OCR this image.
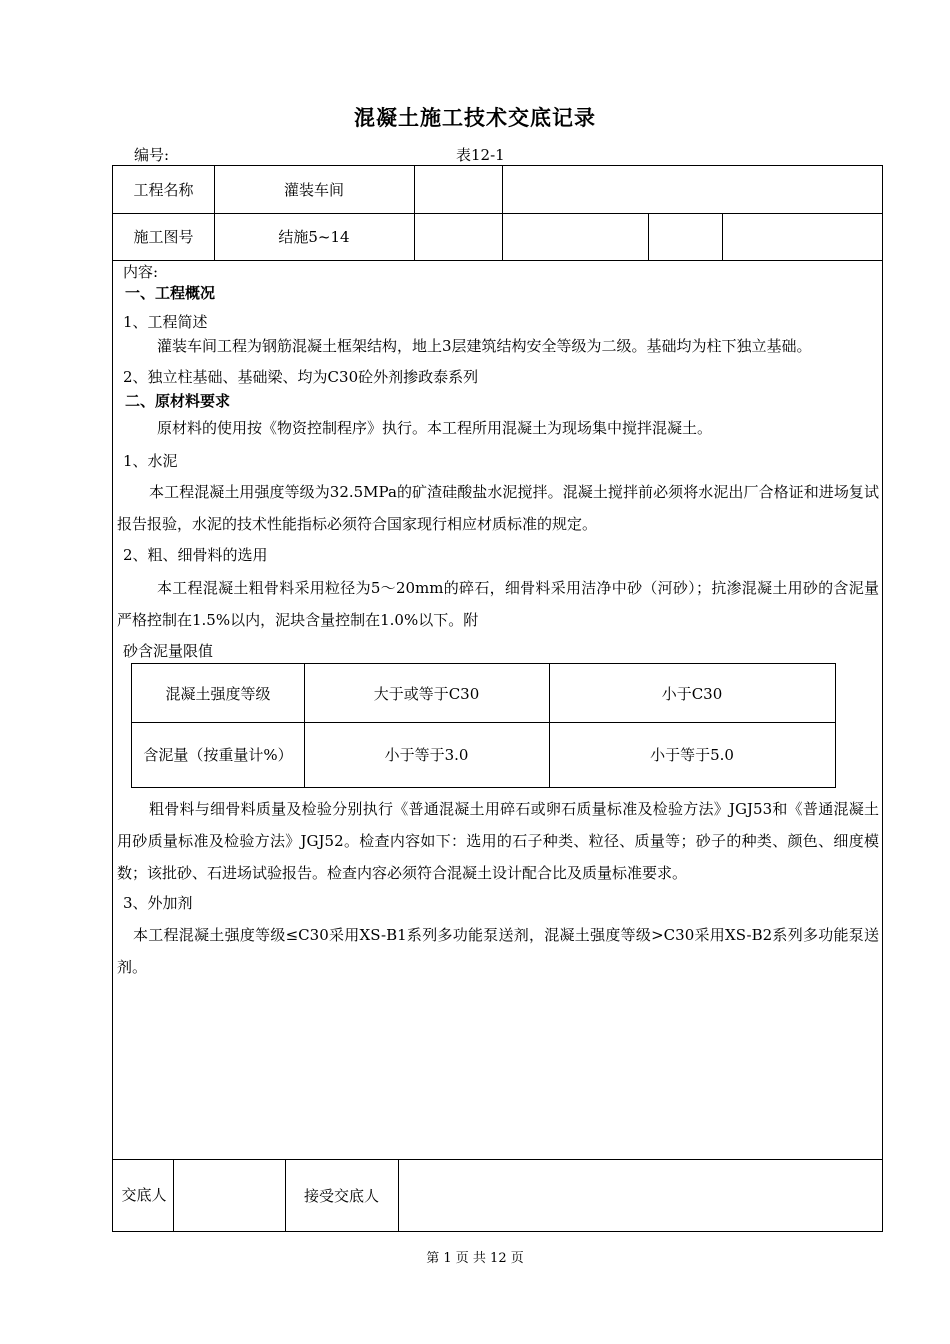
混凝土施工技术交底记录
编号:	表12-1
工程名称	灌装车间
施工图号	结施5~14
内容:
一、工程概况
1、工程简述
灌装车间工程为钢筋混凝土框架结构，地上3层建筑结构安全等级为二级。基础均为柱下独立基础。
2、独立柱基础、基础梁、均为C30砼外剂掺政泰系列
二、原材料要求
原材料的使用按《物资控制程序》执行。本工程所用混凝土为现场集中搅拌混凝土。
1、水泥
本工程混凝土用强度等级为32.5MPa的矿渣硅酸盐水泥搅拌。混凝土搅拌前必须将水泥出厂合格证和进场复试报告报验，水泥的技术性能指标必须符合国家现行相应材质标准的规定。
2、粗、细骨料的选用
本工程混凝土粗骨料采用粒径为5～20mm的碎石，细骨料采用洁净中砂（河砂）；抗渗混凝土用砂的含泥量严格控制在1.5%以内，泥块含量控制在1.0%以下。附
砂含泥量限值
混凝土强度等级	大于或等于C30	小于C30
含泥量（按重量计%）	小于等于3.0	小于等于5.0
粗骨料与细骨料质量及检验分别执行《普通混凝土用碎石或卵石质量标准及检验方法》JGJ53和《普通混凝土用砂质量标准及检验方法》JGJ52。检查内容如下：选用的石子种类、粒径、质量等；砂子的种类、颜色、细度模数；该批砂、石进场试验报告。检查内容必须符合混凝土设计配合比及质量标准要求。
3、外加剂
本工程混凝土强度等级≤C30采用XS-B1系列多功能泵送剂，混凝土强度等级>C30采用XS-B2系列多功能泵送剂。
交底人	接受交底人
第 1 页 共 12 页
